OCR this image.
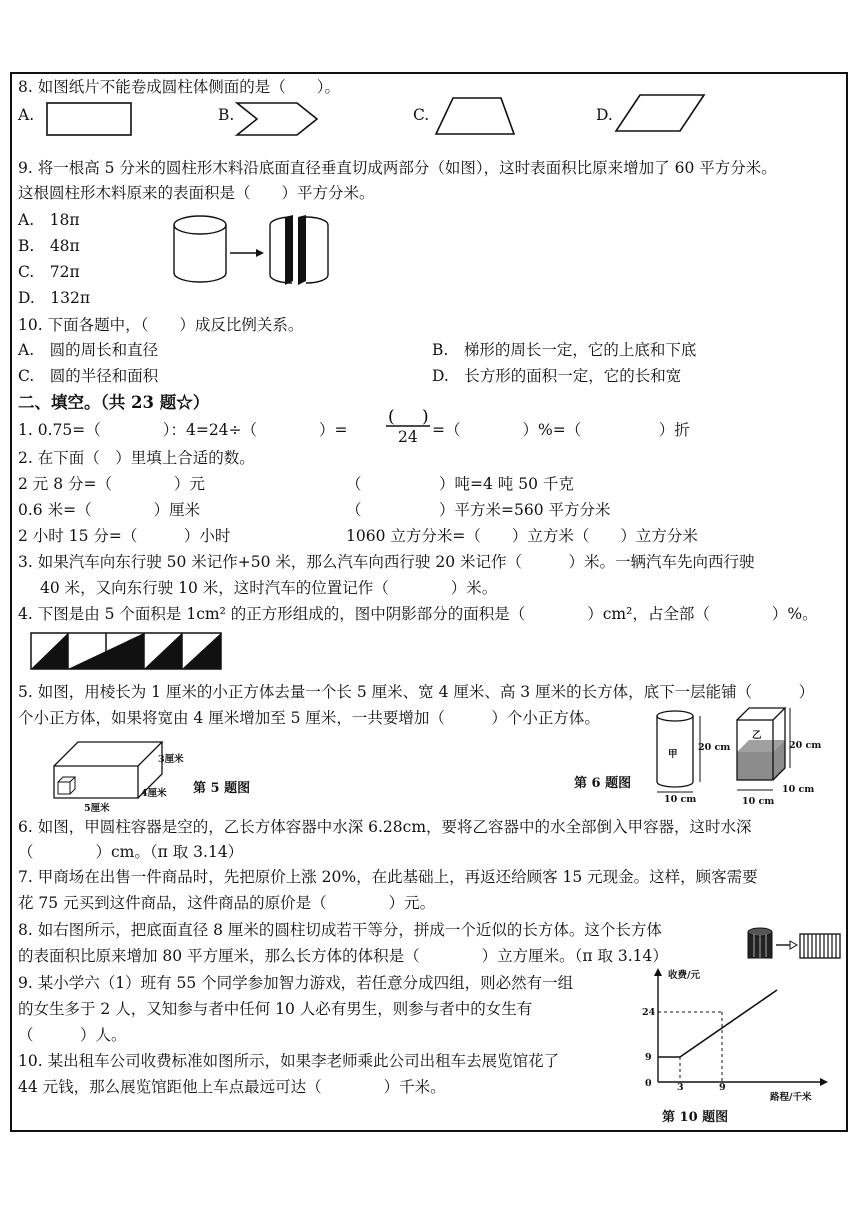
8. 如图纸片不能卷成圆柱体侧面的是（　　）。
A.	B.	C.	D.
9. 将一根高 5 分米的圆柱形木料沿底面直径垂直切成两部分（如图），这时表面积比原来增加了 60 平方分米。
这根圆柱形木料原来的表面积是（　　）平方分米。
A.　18π
B.　48π
C.　72π
D.　132π
10. 下面各题中，（　　）成反比例关系。
A.　圆的周长和直径	B.　梯形的周长一定，它的上底和下底
C.　圆的半径和面积	D.　长方形的面积一定，它的长和宽
二、填空。（共 23 题☆）
1. 0.75=（　　　　）：4=24÷（　　　　）=
( )
24 =（　　　　）%=（　　　　　）折
2. 在下面（　）里填上合适的数。
2 元 8 分=（　　　　）元	（　　　　　）吨=4 吨 50 千克
0.6 米=（　　　　）厘米	（　　　　　）平方米=560 平方分米
2 小时 15 分=（　　　）小时	1060 立方分米=（　　）立方米（　　）立方分米
3. 如果汽车向东行驶 50 米记作+50 米，那么汽车向西行驶 20 米记作（　　　）米。一辆汽车先向西行驶
40 米，又向东行驶 10 米，这时汽车的位置记作（　　　　）米。
4. 下图是由 5 个面积是 1cm² 的正方形组成的，图中阴影部分的面积是（　　　　）cm²，占全部（　　　　）%。
5. 如图，用棱长为 1 厘米的小正方体去量一个长 5 厘米、宽 4 厘米、高 3 厘米的长方体，底下一层能铺（　　　）
个小正方体，如果将宽由 4 厘米增加至 5 厘米，一共要增加（　　　）个小正方体。
3厘米
4厘米
5厘米
第 5 题图	第 6 题图
甲
20 cm
10 cm
乙
20 cm
10 cm
10 cm
6. 如图，甲圆柱容器是空的，乙长方体容器中水深 6.28cm，要将乙容器中的水全部倒入甲容器，这时水深
（　　　　）cm。（π 取 3.14）
7. 甲商场在出售一件商品时，先把原价上涨 20%，在此基础上，再返还给顾客 15 元现金。这样，顾客需要
花 75 元买到这件商品，这件商品的原价是（　　　　）元。
8. 如右图所示，把底面直径 8 厘米的圆柱切成若干等分，拼成一个近似的长方体。这个长方体
的表面积比原来增加 80 平方厘米，那么长方体的体积是（　　　　）立方厘米。（π 取 3.14）
9. 某小学六（1）班有 55 个同学参加智力游戏，若任意分成四组，则必然有一组
的女生多于 2 人，又知参与者中任何 10 人必有男生，则参与者中的女生有
（　　　）人。
10. 某出租车公司收费标准如图所示，如果李老师乘此公司出租车去展览馆花了
44 元钱，那么展览馆距他上车点最远可达（　　　　）千米。
收费/元
24
9
0	3	9
路程/千米
第 10 题图
